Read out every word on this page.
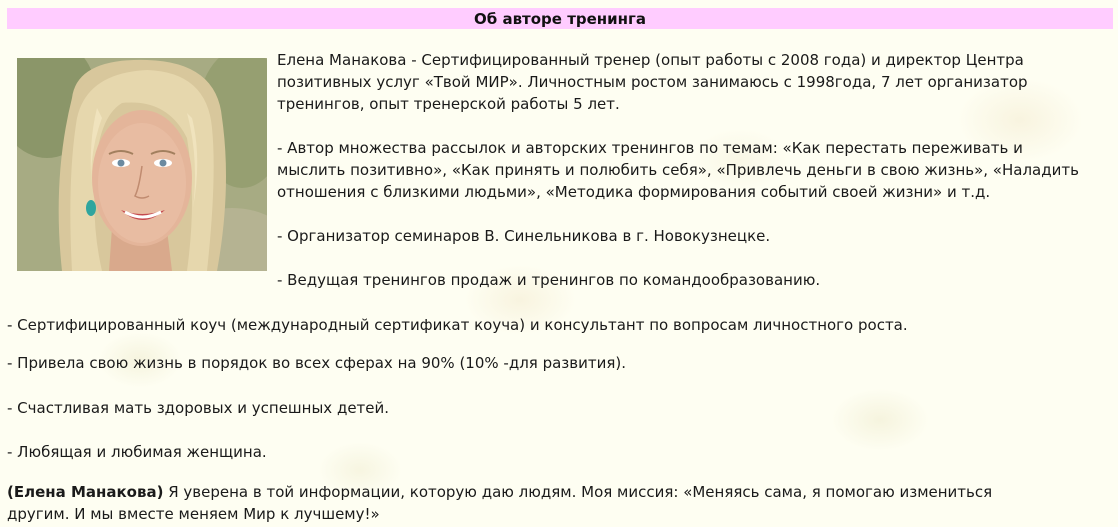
Об авторе тренинга

Елена Манакова - Сертифицированный тренер (опыт работы с 2008 года) и директор Центра
позитивных услуг «Твой МИР». Личностным ростом занимаюсь с 1998года, 7 лет организатор
тренингов, опыт тренерской работы 5 лет.

- Автор множества рассылок и авторских тренингов по темам: «Как перестать переживать и
мыслить позитивно», «Как принять и полюбить себя», «Привлечь деньги в свою жизнь», «Наладить
отношения с близкими людьми», «Методика формирования событий своей жизни» и т.д.

- Организатор семинаров В. Синельникова в г. Новокузнецке.

- Ведущая тренингов продаж и тренингов по командообразованию.

- Сертифицированный коуч (международный сертификат коуча) и консультант по вопросам личностного роста.

- Привела свою жизнь в порядок во всех сферах на 90% (10% -для развития).

- Счастливая мать здоровых и успешных детей.

- Любящая и любимая женщина.

(Елена Манакова) Я уверена в той информации, которую даю людям. Моя миссия: «Меняясь сама, я помогаю измениться
другим. И мы вместе меняем Мир к лучшему!»
